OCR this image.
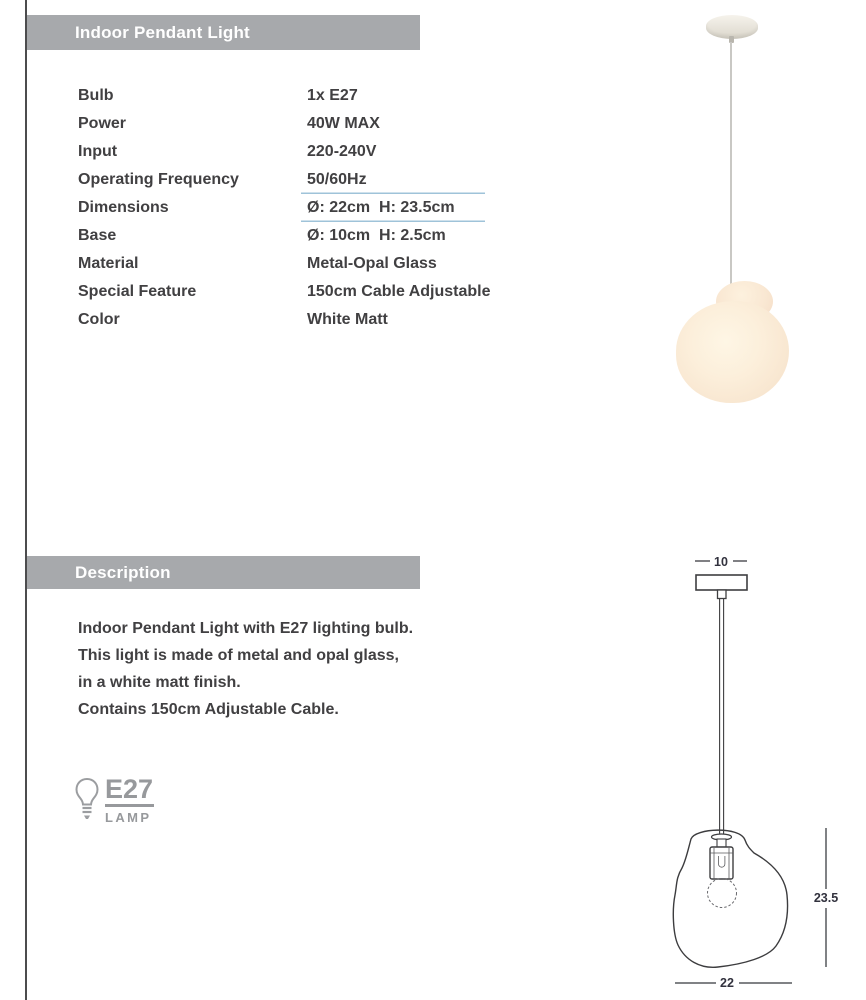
Indoor Pendant Light
Bulb	1x E27
Power	40W MAX
Input	220-240V
Operating Frequency	50/60Hz
Dimensions	Ø: 22cm  H: 23.5cm
Base	Ø: 10cm  H: 2.5cm
Material	Metal-Opal Glass
Special Feature	150cm Cable Adjustable
Color	White Matt
Description
Indoor Pendant Light with E27 lighting bulb.
This light is made of metal and opal glass,
in a white matt finish.
Contains 150cm Adjustable Cable.
E27
LAMP
10
23.5
22
